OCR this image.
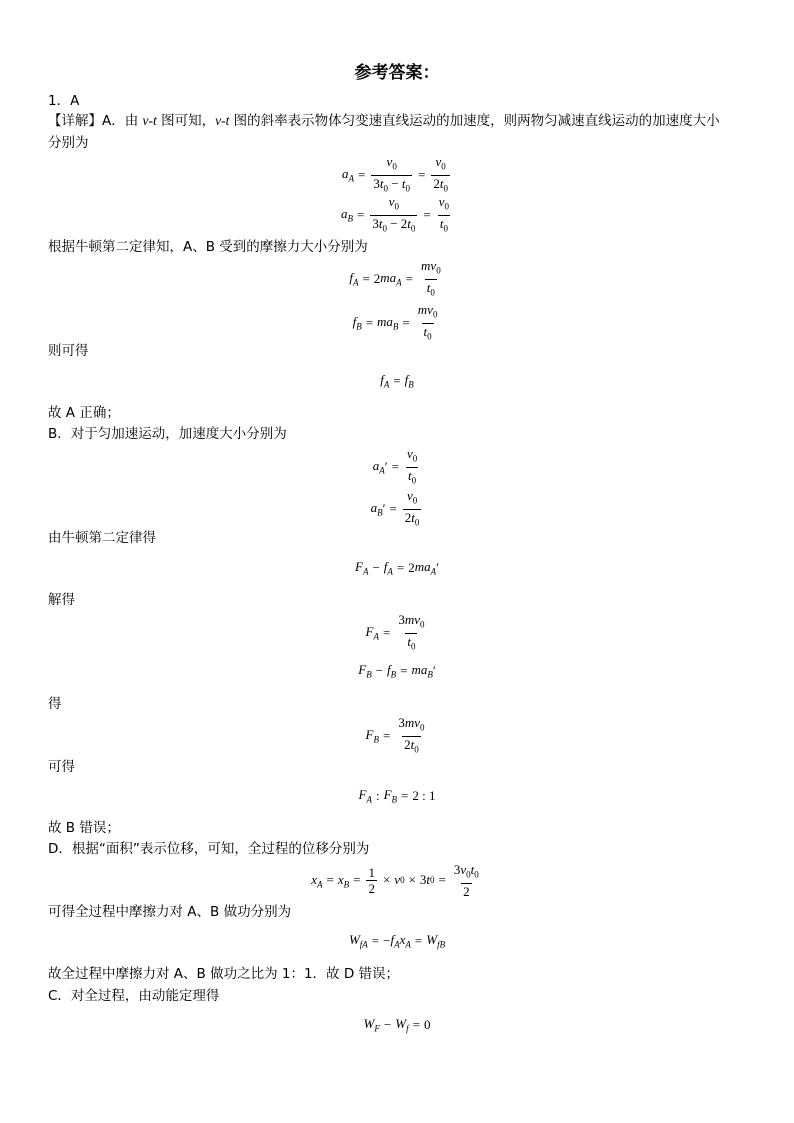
参考答案：
1．A
【详解】A．由 v-t 图可知，v-t 图的斜率表示物体匀变速直线运动的加速度，则两物匀减速直线运动的加速度大小
分别为
$a_A = \frac{v_0}{3t_0 - t_0} = \frac{v_0}{2t_0}$
$a_B = \frac{v_0}{3t_0 - 2t_0} = \frac{v_0}{t_0}$
根据牛顿第二定律知，A、B 受到的摩擦力大小分别为
$f_A = 2$ $ma_A = \frac{mv_0}{t_0}$
$f_B = ma_B = \frac{mv_0}{t_0}$
则可得
$f_A = f_B$
故 A 正确；
B．对于匀加速运动，加速度大小分别为
$a_A$ ′ = $\frac{v_0}{t_0}$
$a_B$ ′ = $\frac{v_0}{2t_0}$
由牛顿第二定律得
$F_A - f_A = 2$ $ma_A$ ′
解得
$F_A = \frac{3mv_0}{t_0}$
$F_B - f_B = ma_B$ ′
得
$F_B = \frac{3mv_0}{2t_0}$
可得
$F_A$ : $F_B = 2$ : 1
故 B 错误；
D．根据“面积”表示位移，可知，全过程的位移分别为
$x_A = x_B = \frac{1}{2} \times v$ 0 × 3 t $0 = \frac{3v_0t_0}{2}$
可得全过程中摩擦力对 A、B 做功分别为
$W_{fA}$ = − $f_Ax_A = W_{fB}$
故全过程中摩擦力对 A、B 做功之比为 1：1．故 D 错误；
C．对全过程，由动能定理得
$W_F - W_f = 0$
